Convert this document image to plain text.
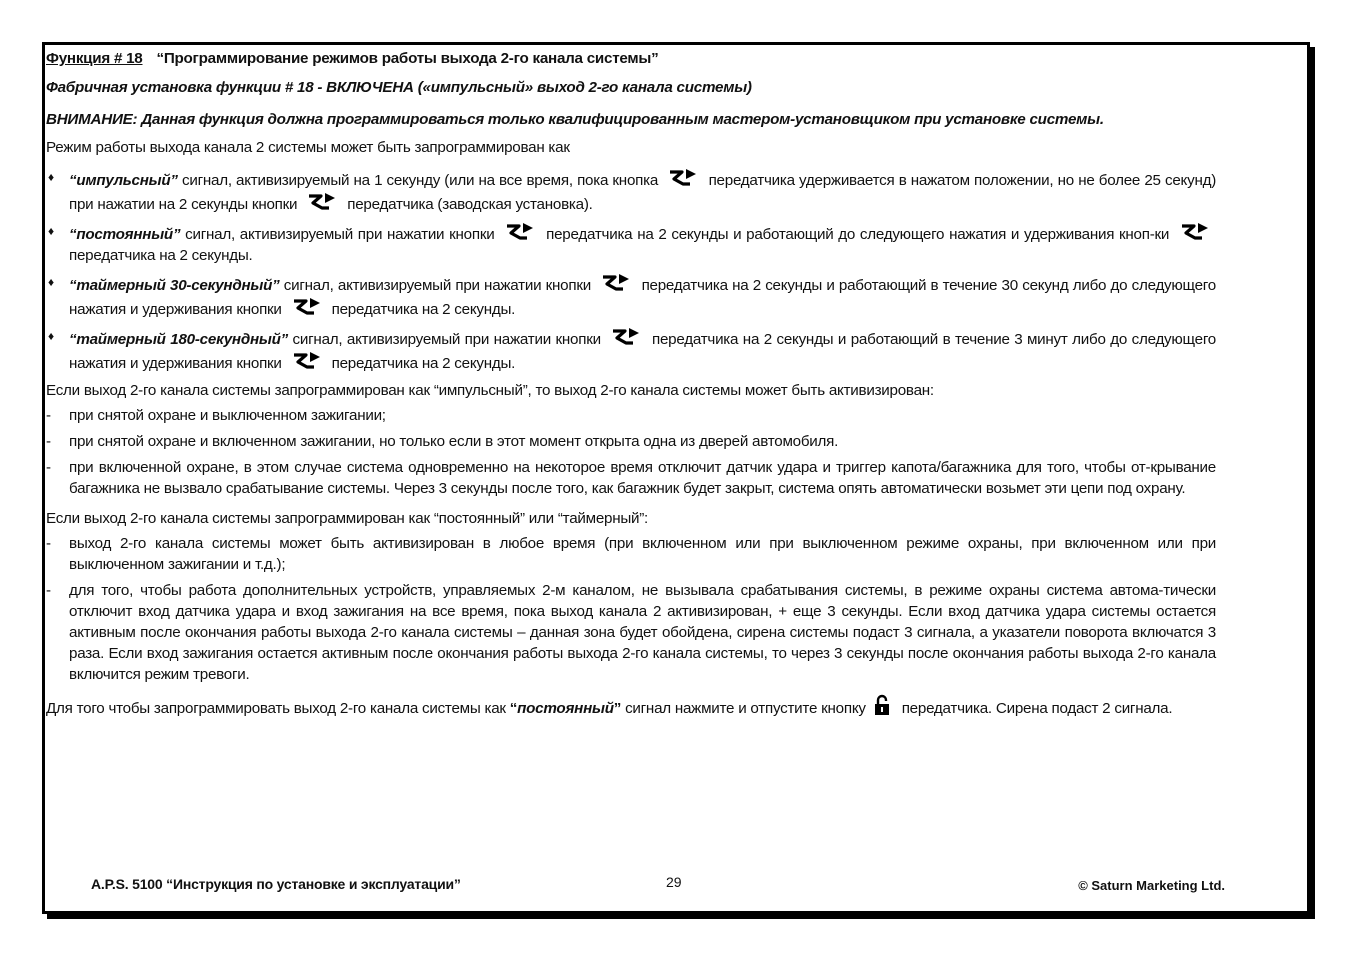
Функция # 18 “Программирование режимов работы выхода 2-го канала системы”

Фабричная установка функции # 18 - ВКЛЮЧЕНА («импульсный» выход 2-го канала системы)

ВНИМАНИЕ: Данная функция должна программироваться только квалифицированным мастером-установщиком при установке системы.

Режим работы выхода канала 2 системы может быть запрограммирован как

♦ “импульсный” сигнал, активизируемый на 1 секунду (или на все время, пока кнопка	передатчика удерживается в нажатом положении, но не более 25 секунд) при нажатии на 2 секунды кнопки	передатчика (заводская установка).
♦ “постоянный” сигнал, активизируемый при нажатии кнопки	передатчика на 2 секунды и работающий до следующего нажатия и удерживания кноп-ки  передатчика на 2 секунды.
♦ “таймерный 30-секундный” сигнал, активизируемый при нажатии кнопки	передатчика на 2 секунды и работающий в течение 30 секунд либо до следующего нажатия и удерживания кнопки	передатчика на 2 секунды.
♦ “таймерный 180-секундный” сигнал, активизируемый при нажатии кнопки	передатчика на 2 секунды и работающий в течение 3 минут либо до следующего нажатия и удерживания кнопки	передатчика на 2 секунды.

Если выход 2-го канала системы запрограммирован как “импульсный”, то выход 2-го канала системы может быть активизирован:

- при снятой охране и выключенном зажигании;
- при снятой охране и включенном зажигании, но только если в этот момент открыта одна из дверей автомобиля.
- при включенной охране, в этом случае система одновременно на некоторое время отключит датчик удара и триггер капота/багажника для того, чтобы от-крывание багажника не вызвало срабатывание системы. Через 3 секунды после того, как багажник будет закрыт, система опять автоматически возьмет эти цепи под охрану.

Если выход 2-го канала системы запрограммирован как “постоянный” или “таймерный”:

- выход 2-го канала системы может быть активизирован в любое время (при включенном или при выключенном режиме охраны, при включенном или при выключенном зажигании и т.д.);
- для того, чтобы работа дополнительных устройств, управляемых 2-м каналом, не вызывала срабатывания системы, в режиме охраны система автома-тически отключит вход датчика удара и вход зажигания на все время, пока выход канала 2 активизирован, + еще 3 секунды. Если вход датчика удара системы остается активным после окончания работы выхода 2-го канала системы – данная зона будет обойдена, сирена системы подаст 3 сигнала, а указатели поворота включатся 3 раза. Если вход зажигания остается активным после окончания работы выхода 2-го канала системы, то через 3 секунды после окончания работы выхода 2-го канала включится режим тревоги.

Для того чтобы запрограммировать выход 2-го канала системы как “постоянный” сигнал нажмите и отпустите кнопку  передатчика. Сирена подаст 2 сигнала.

A.P.S. 5100 “Инструкция по установке и эксплуатации”	29	© Saturn Marketing Ltd.
